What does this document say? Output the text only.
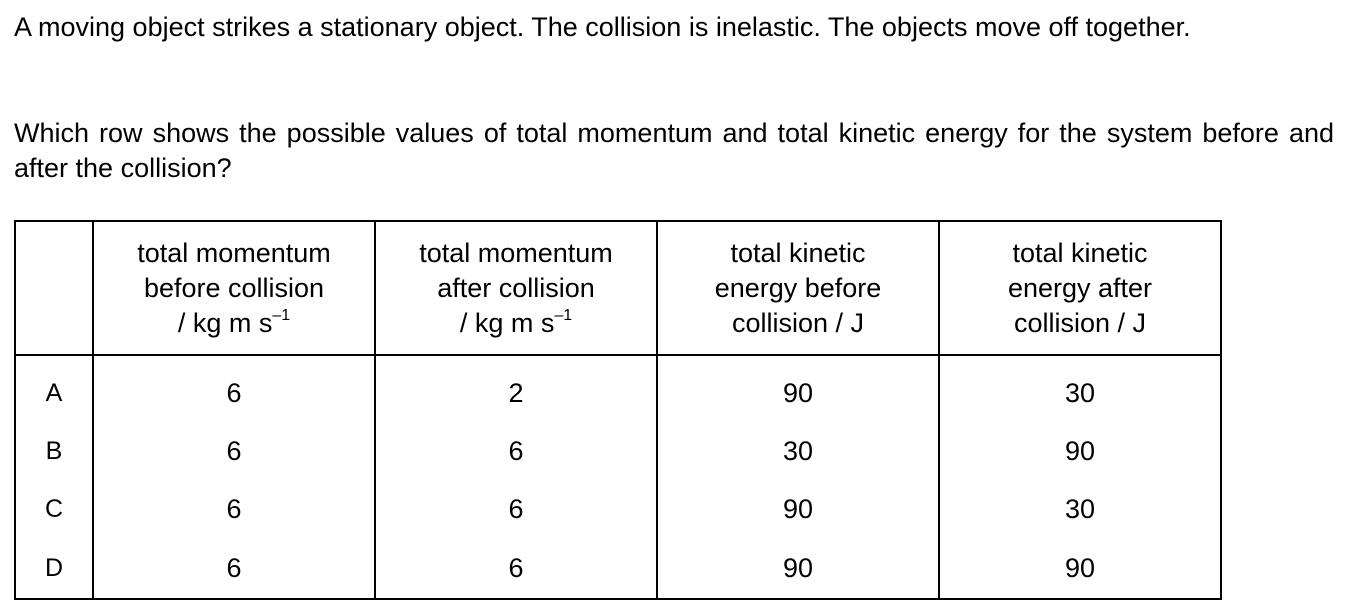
A moving object strikes a stationary object. The collision is inelastic. The objects move off together.

Which row shows the possible values of total momentum and total kinetic energy for the system before and after the collision?

	total momentum
before collision
/ kg m $s^{-1}$	total momentum
after collision
/ kg m $s^{-1}$	total kinetic
energy before
collision / J	total kinetic
energy after
collision / J

A	6	2	90	30
B	6	6	30	90
C	6	6	90	30
D	6	6	90	90
